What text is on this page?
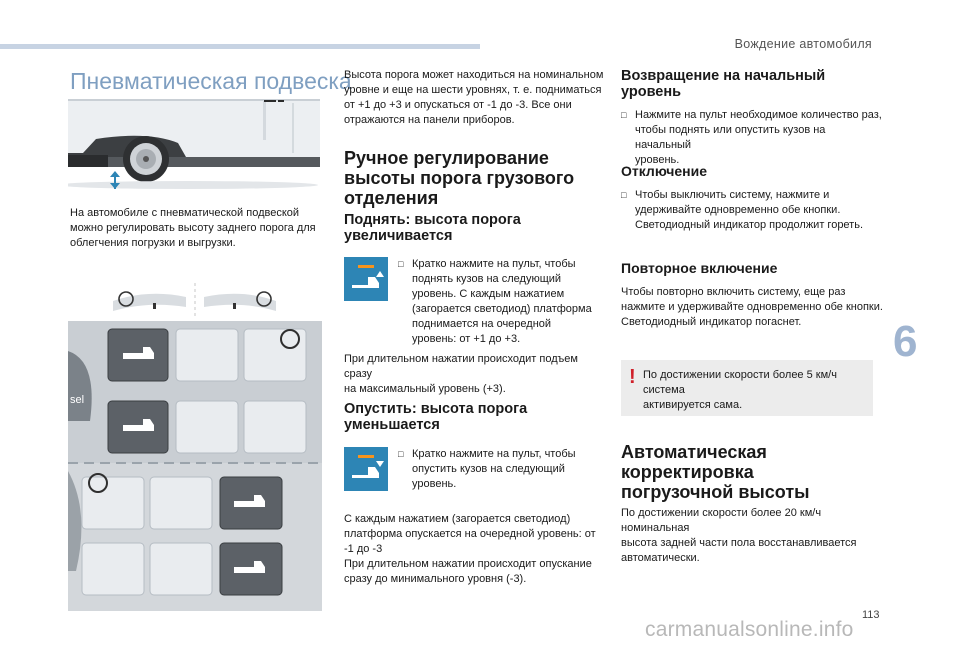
Вождение автомобиля
6
113
carmanualsonline.info
Пневматическая подвеска
На автомобиле с пневматической подвеской
можно регулировать высоту заднего порога для
облегчения погрузки и выгрузки.
sel
Высота порога может находиться на номинальном
уровне и еще на шести уровнях, т. е. подниматься
от +1 до +3 и опускаться от -1 до -3. Все они
отражаются на панели приборов.
Ручное регулирование
высоты порога грузового
отделения
Поднять: высота порога
увеличивается
□ Кратко нажмите на пульт, чтобы
поднять кузов на следующий
уровень. С каждым нажатием
(загорается светодиод) платформа
поднимается на очередной
уровень: от +1 до +3.
При длительном нажатии происходит подъем сразу
на максимальный уровень (+3).
Опустить: высота порога
уменьшается
□ Кратко нажмите на пульт, чтобы
опустить кузов на следующий
уровень.
С каждым нажатием (загорается светодиод)
платформа опускается на очередной уровень: от
-1 до -3
При длительном нажатии происходит опускание
сразу до минимального уровня (-3).
Возвращение на начальный
уровень
□ Нажмите на пульт необходимое количество раз,
чтобы поднять или опустить кузов на начальный
уровень.
Отключение
□ Чтобы выключить систему, нажмите и
удерживайте одновременно обе кнопки.
Светодиодный индикатор продолжит гореть.
Повторное включение
Чтобы повторно включить систему, еще раз
нажмите и удерживайте одновременно обе кнопки.
Светодиодный индикатор погаснет.
! По достижении скорости более 5 км/ч система
активируется сама.
Автоматическая
корректировка
погрузочной высоты
По достижении скорости более 20 км/ч номинальная
высота задней части пола восстанавливается
автоматически.
